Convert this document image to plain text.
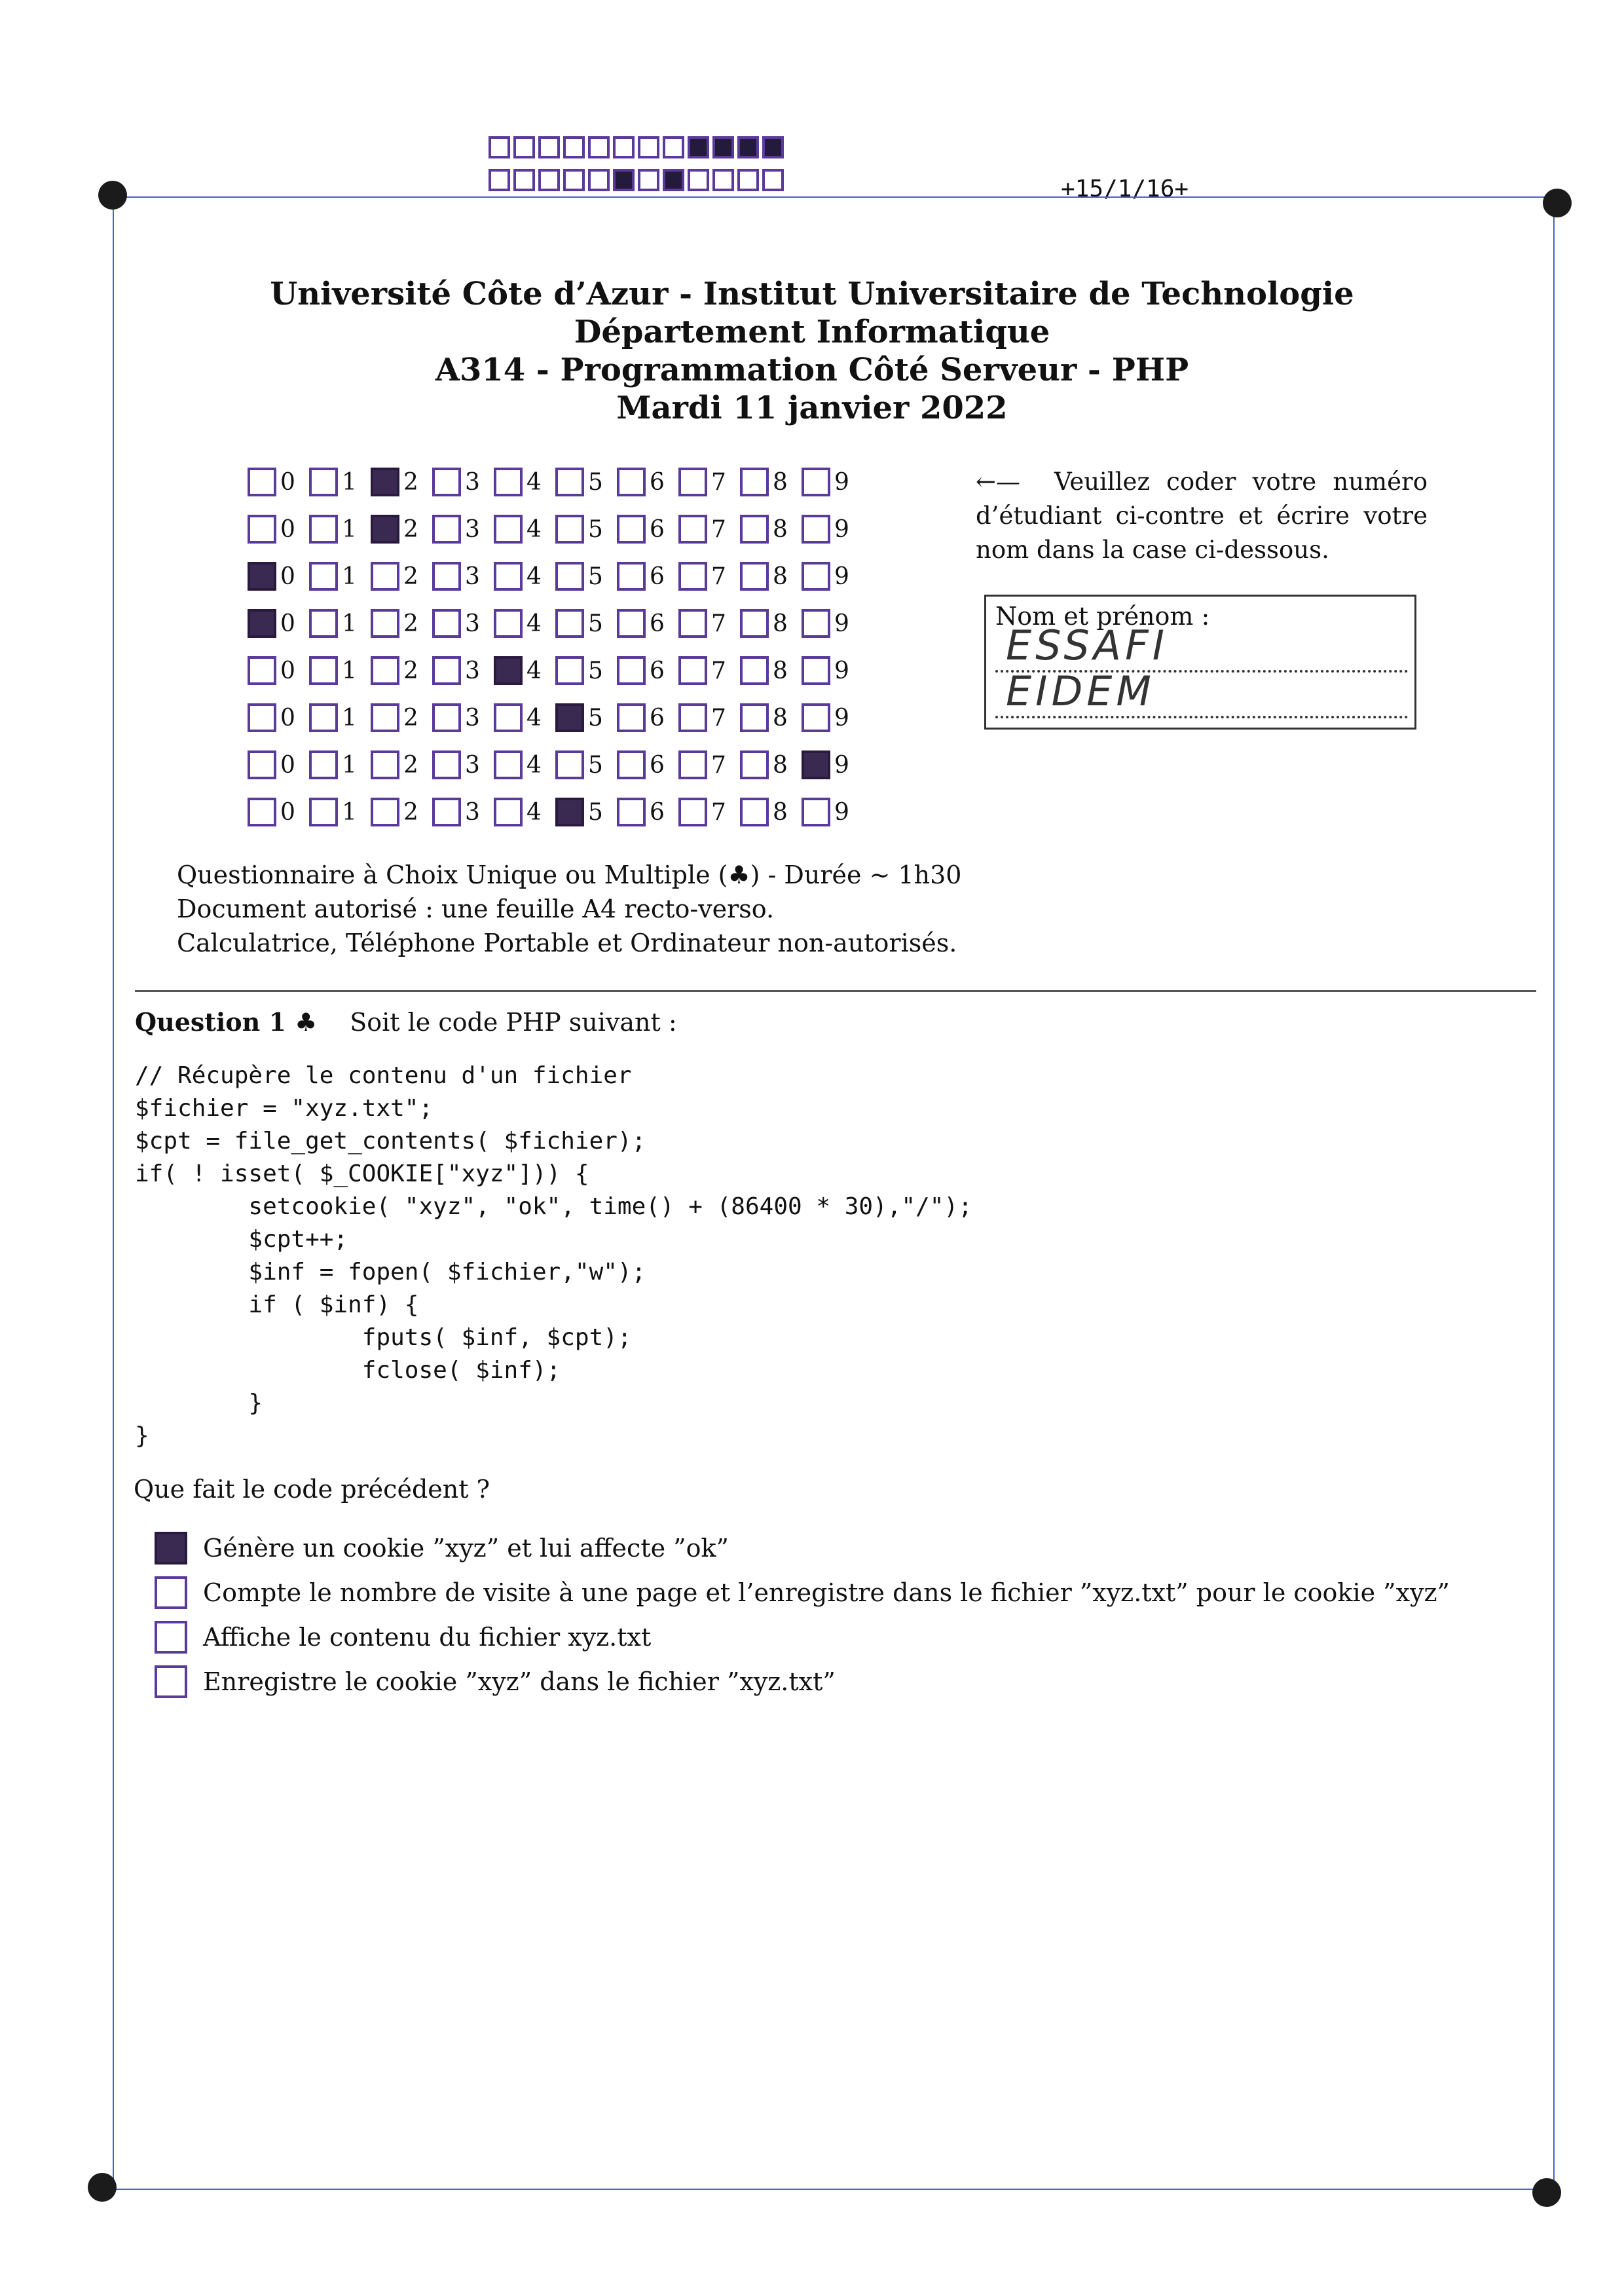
+15/1/16+
Université Côte d’Azur - Institut Universitaire de Technologie
Département Informatique
A314 - Programmation Côté Serveur - PHP
Mardi 11 janvier 2022
0 1 2 3 4 5 6 7 8 9
0 1 2 3 4 5 6 7 8 9
0 1 2 3 4 5 6 7 8 9
0 1 2 3 4 5 6 7 8 9
0 1 2 3 4 5 6 7 8 9
0 1 2 3 4 5 6 7 8 9
0 1 2 3 4 5 6 7 8 9
0 1 2 3 4 5 6 7 8 9
←— Veuillez coder votre numéro d’étudiant ci-contre et écrire votre nom dans la case ci-dessous.
Nom et prénom :
ESSAFI
EIDEM
Questionnaire à Choix Unique ou Multiple (♣) - Durée ∼ 1h30
Document autorisé : une feuille A4 recto-verso.
Calculatrice, Téléphone Portable et Ordinateur non-autorisés.
Question 1 ♣ Soit le code PHP suivant :
// Récupère le contenu d'un fichier
$fichier = "xyz.txt";
$cpt = file_get_contents( $fichier);
if( ! isset( $_COOKIE["xyz"])) {
setcookie( "xyz", "ok", time() + (86400 * 30),"/");
$cpt++;
$inf = fopen( $fichier,"w");
if ( $inf) {
fputs( $inf, $cpt);
fclose( $inf);
}
}
Que fait le code précédent ?
Génère un cookie ”xyz” et lui affecte ”ok”
Compte le nombre de visite à une page et l’enregistre dans le fichier ”xyz.txt” pour le cookie ”xyz”
Affiche le contenu du fichier xyz.txt
Enregistre le cookie ”xyz” dans le fichier ”xyz.txt”
